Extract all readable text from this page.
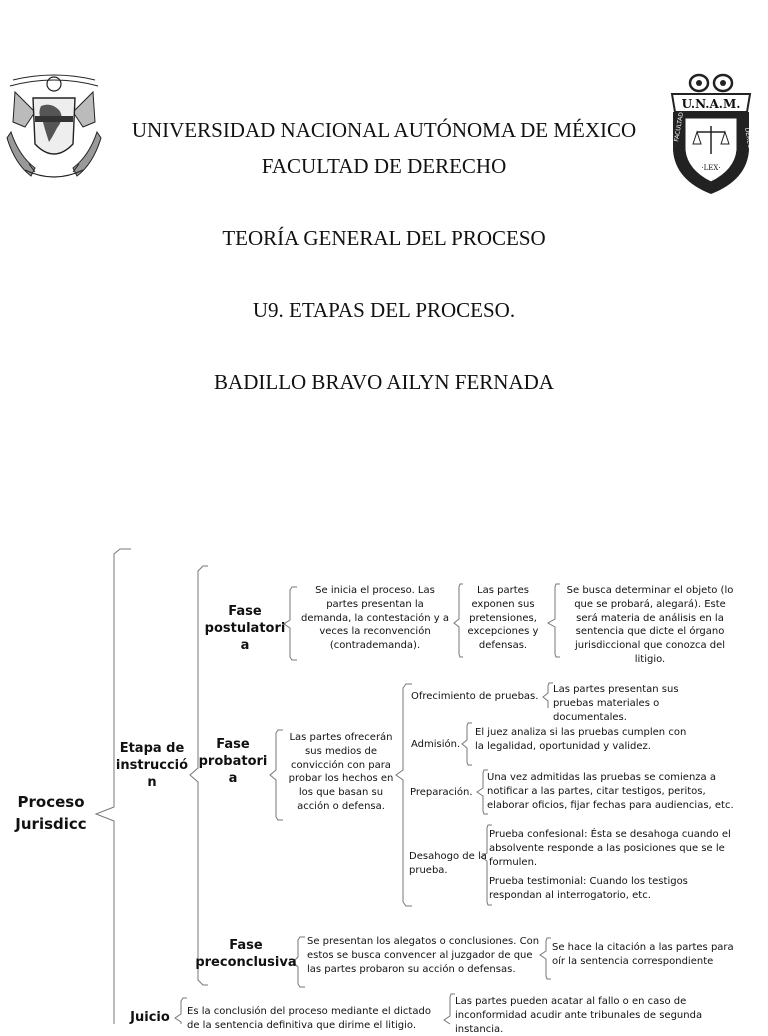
U.N.A.M.
·LEX·
FACULTAD
DERECHO
UNIVERSIDAD NACIONAL AUTÓNOMA DE MÉXICO
FACULTAD DE DERECHO
TEORÍA GENERAL DEL PROCESO
U9. ETAPAS DEL PROCESO.
BADILLO BRAVO AILYN FERNADA
Proceso Jurisdicc
Etapa de instrucció n
Juicio
Fase postulatori a
Fase probatori a
Fase preconclusiva
Se inicia el proceso. Las partes presentan la demanda, la contestación y a veces la reconvención (contrademanda).
Las partes exponen sus pretensiones, excepciones y defensas.
Se busca determinar el objeto (lo que se probará, alegará). Este será materia de análisis en la sentencia que dicte el órgano jurisdiccional que conozca del litigio.
Las partes ofrecerán sus medios de convicción con para probar los hechos en los que basan su acción o defensa.
Ofrecimiento de pruebas.
Las partes presentan sus pruebas materiales o documentales.
Admisión.
El juez analiza si las pruebas cumplen con la legalidad, oportunidad y validez.
Preparación.
Una vez admitidas las pruebas se comienza a notificar a las partes, citar testigos, peritos, elaborar oficios, fijar fechas para audiencias, etc.
Desahogo de la prueba.
Prueba confesional: Ésta se desahoga cuando el absolvente responde a las posiciones que se le formulen.
Prueba testimonial: Cuando los testigos respondan al interrogatorio, etc.
Se presentan los alegatos o conclusiones. Con estos se busca convencer al juzgador de que las partes probaron su acción o defensas.
Se hace la citación a las partes para oír la sentencia correspondiente
Es la conclusión del proceso mediante el dictado de la sentencia definitiva que dirime el litigio.
Las partes pueden acatar al fallo o en caso de inconformidad acudir ante tribunales de segunda instancia.
